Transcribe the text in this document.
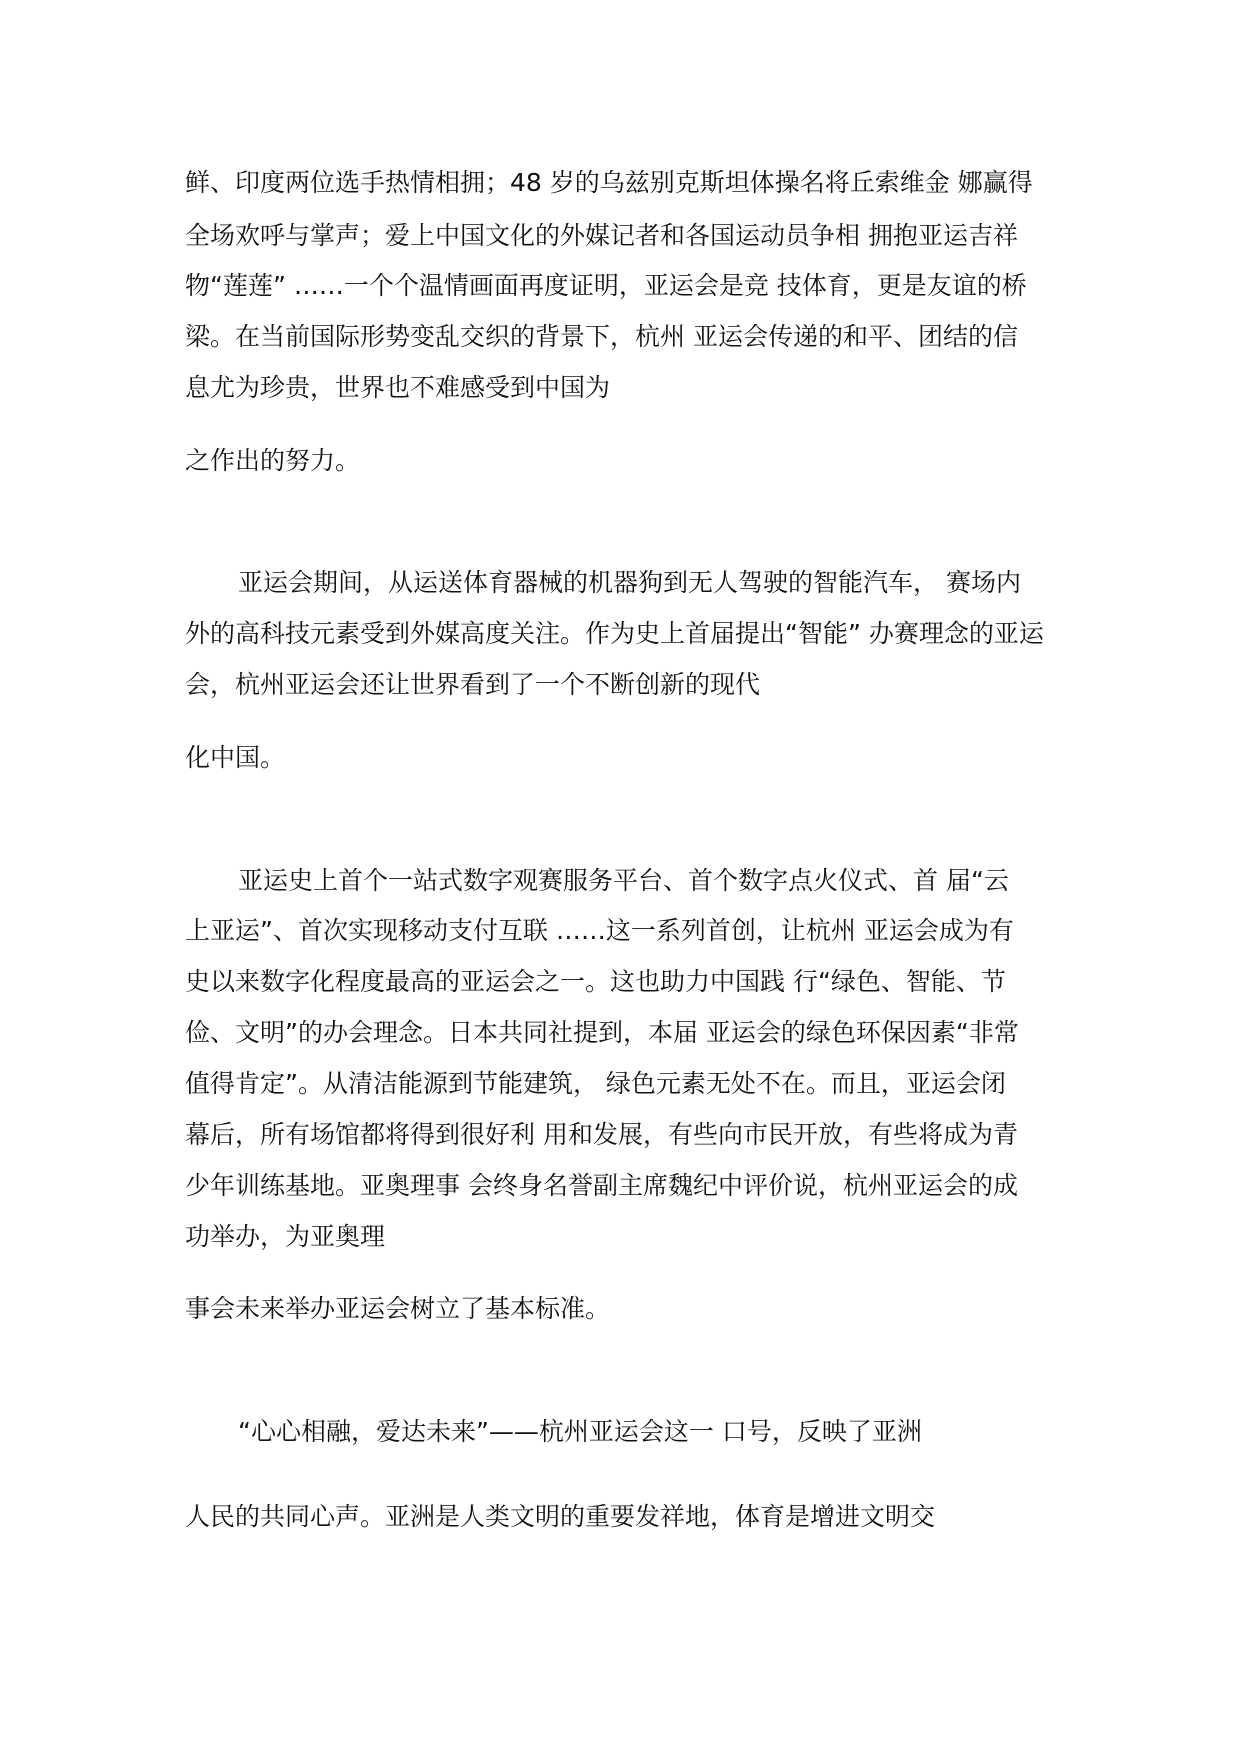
鲜、印度两位选手热情相拥；48 岁的乌兹别克斯坦体操名将丘索维金 娜赢得

全场欢呼与掌声；爱上中国文化的外媒记者和各国运动员争相 拥抱亚运吉祥

物“莲莲” ……一个个温情画面再度证明，亚运会是竞 技体育，更是友谊的桥

梁。在当前国际形势变乱交织的背景下，杭州 亚运会传递的和平、团结的信

息尤为珍贵，世界也不难感受到中国为

之作出的努力。

亚运会期间，从运送体育器械的机器狗到无人驾驶的智能汽车， 赛场内

外的高科技元素受到外媒高度关注。作为史上首届提出“智能” 办赛理念的亚运

会，杭州亚运会还让世界看到了一个不断创新的现代

化中国。

亚运史上首个一站式数字观赛服务平台、首个数字点火仪式、首 届“云

上亚运”、首次实现移动支付互联 ……这一系列首创，让杭州 亚运会成为有

史以来数字化程度最高的亚运会之一。这也助力中国践 行“绿色、智能、节

俭、文明”的办会理念。日本共同社提到，本届 亚运会的绿色环保因素“非常

值得肯定”。从清洁能源到节能建筑， 绿色元素无处不在。而且，亚运会闭

幕后，所有场馆都将得到很好利 用和发展，有些向市民开放，有些将成为青

少年训练基地。亚奥理事 会终身名誉副主席魏纪中评价说，杭州亚运会的成

功举办，为亚奥理

事会未来举办亚运会树立了基本标准。

“心心相融，爱达未来”——杭州亚运会这一 口号，反映了亚洲

人民的共同心声。亚洲是人类文明的重要发祥地，体育是增进文明交
